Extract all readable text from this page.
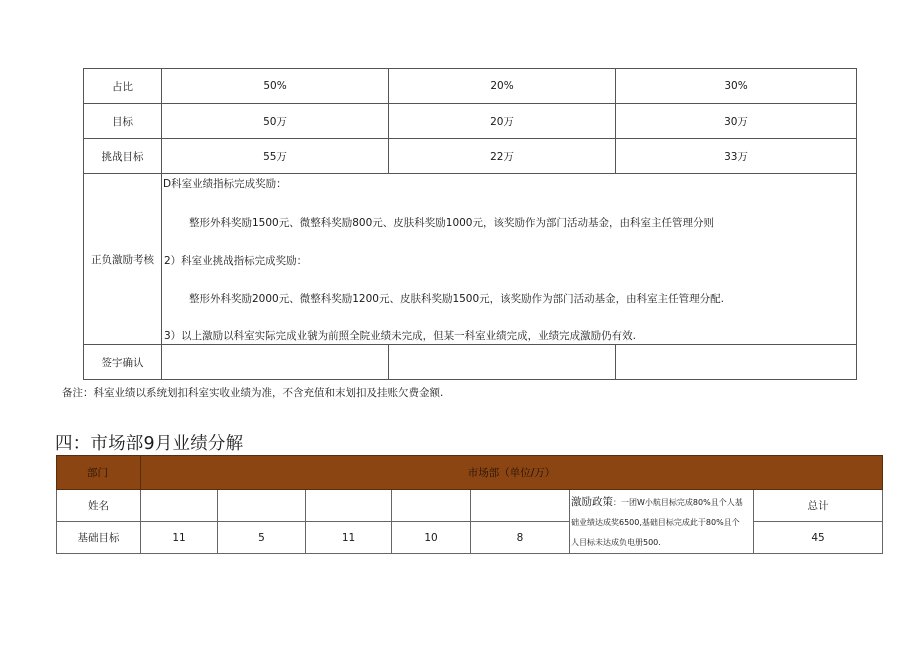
占比	50%	20%	30%
目标	50万	20万	30万
挑战目标	55万	22万	33万
正负激励考核	D科室业绩指标完成奖励：
整形外科奖励1500元、微整科奖励800元、皮肤科奖励1000元，该奖励作为部门活动基金，由科室主任管理分则
2）科室业挑战指标完成奖励：
整形外科奖励2000元、微整科奖励1200元、皮肤科奖励1500元，该奖励作为部门活动基金，由科室主任管理分配.
3）以上激励以科室实际完成业虢为前照全院业绩未完成，但某一科室业绩完成，业绩完成激励仍有效.		

签宇确认			
备注：科室业绩以系统划扣科室实收业绩为准，不含充值和末划扣及挂账欠费金额.
四：市场部9月业绩分解
部门	市场部（单位/万）						
姓名						激励政策：一团W小航目标完成80%且个人基
础业绩达成奖6500,基础目标完成此于80%且个
人目标未达成负电册500.	总计
基础目标	11	5	11	10	8		45
